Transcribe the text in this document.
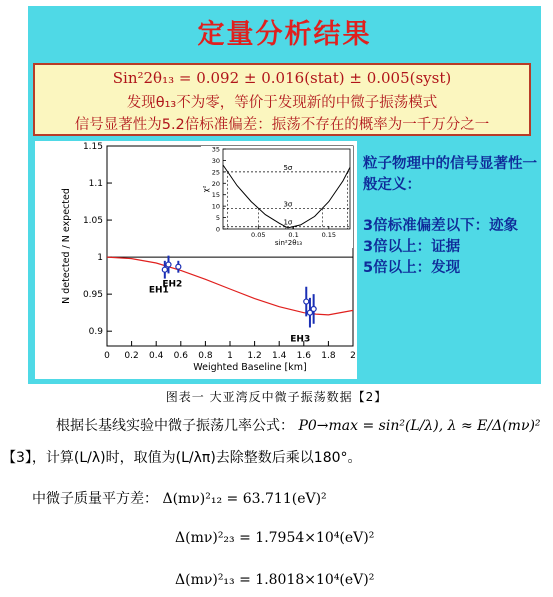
定量分析结果
Sin²2θ₁₃ = 0.092 ± 0.016(stat) ± 0.005(syst)
发现θ₁₃不为零，等价于发现新的中微子振荡模式
信号显著性为5.2倍标准偏差：振荡不存在的概率为一千万分之一
0 0.2 0.4 0.6 0.8 1 1.2 1.4 1.6 1.8 2
0.9
0.95
1
1.05
1.1
1.15
Weighted Baseline [km]
N detected / N expected	EH1
EH2
EH3
0
5
10
15
20
25
30
35
0.05	0.1	0.15
sin²2θ₁₃
χ²
1σ
3σ
5σ	粒子物理中的信号显著性一般定义：
3倍标准偏差以下：迹象
3倍以上：证据
5倍以上：发现
图表一 大亚湾反中微子振荡数据【2】
根据长基线实验中微子振荡几率公式： P0→max = sin²(L/λ), λ ≈ E/Δ(mν)²
【3】，计算(L/λ)时，取值为(L/λπ)去除整数后乘以180°。
中微子质量平方差： Δ(mν)²₁₂ = 63.711(eV)²
Δ(mν)²₂₃ = 1.7954×10⁴(eV)²
Δ(mν)²₁₃ = 1.8018×10⁴(eV)²
